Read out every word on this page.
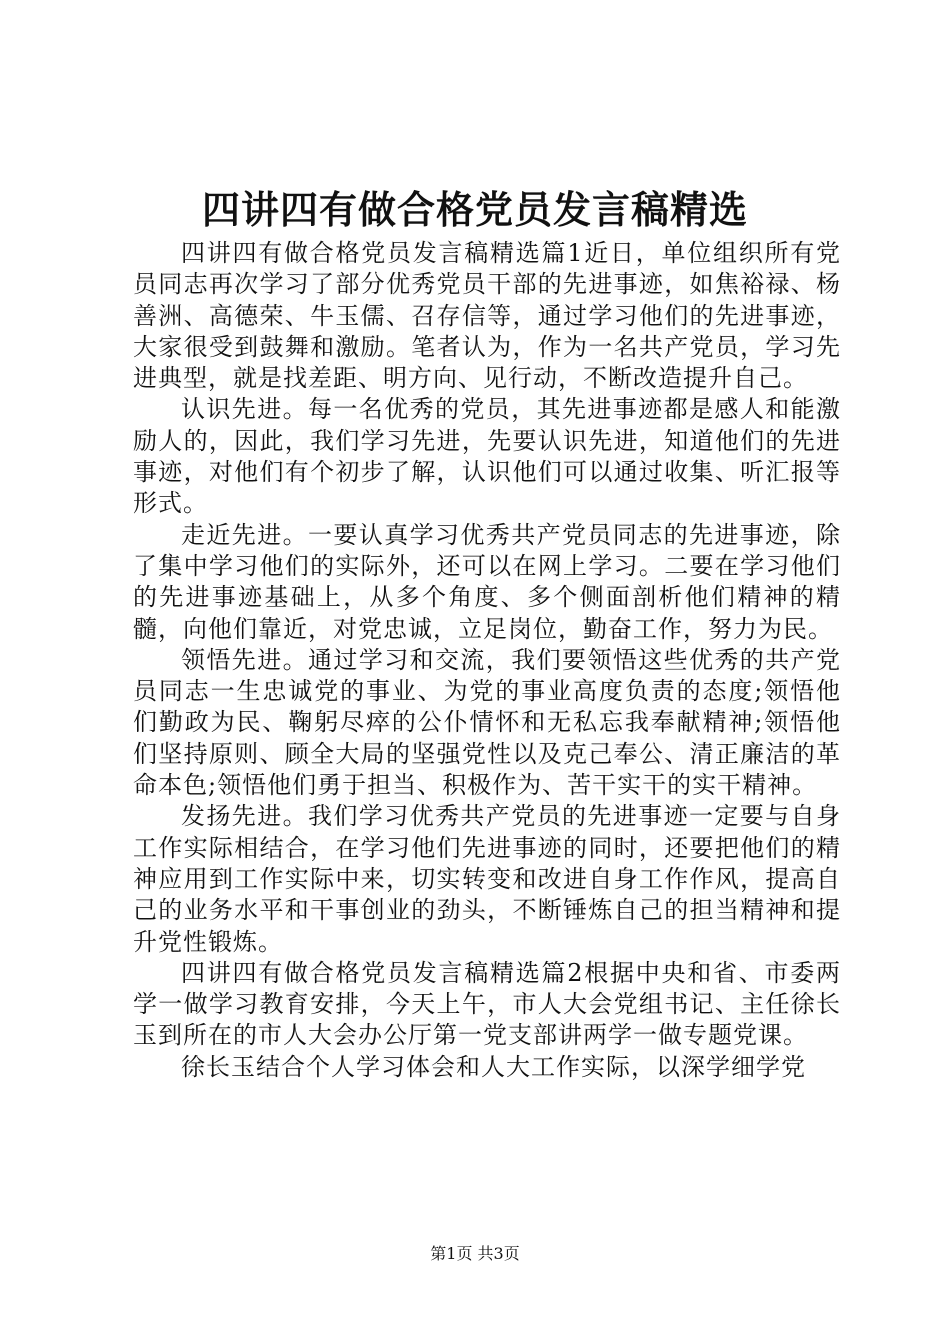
四讲四有做合格党员发言稿精选

四讲四有做合格党员发言稿精选篇1近日，单位组织所有党员同志再次学习了部分优秀党员干部的先进事迹，如焦裕禄、杨善洲、高德荣、牛玉儒、召存信等，通过学习他们的先进事迹，大家很受到鼓舞和激励。笔者认为，作为一名共产党员，学习先进典型，就是找差距、明方向、见行动，不断改造提升自己。

认识先进。每一名优秀的党员，其先进事迹都是感人和能激励人的，因此，我们学习先进，先要认识先进，知道他们的先进事迹，对他们有个初步了解，认识他们可以通过收集、听汇报等形式。

走近先进。一要认真学习优秀共产党员同志的先进事迹，除了集中学习他们的实际外，还可以在网上学习。二要在学习他们的先进事迹基础上，从多个角度、多个侧面剖析他们精神的精髓，向他们靠近，对党忠诚，立足岗位，勤奋工作，努力为民。

领悟先进。通过学习和交流，我们要领悟这些优秀的共产党员同志一生忠诚党的事业、为党的事业高度负责的态度;领悟他们勤政为民、鞠躬尽瘁的公仆情怀和无私忘我奉献精神;领悟他们坚持原则、顾全大局的坚强党性以及克己奉公、清正廉洁的革命本色;领悟他们勇于担当、积极作为、苦干实干的实干精神。

发扬先进。我们学习优秀共产党员的先进事迹一定要与自身工作实际相结合，在学习他们先进事迹的同时，还要把他们的精神应用到工作实际中来，切实转变和改进自身工作作风，提高自己的业务水平和干事创业的劲头，不断锤炼自己的担当精神和提升党性锻炼。

四讲四有做合格党员发言稿精选篇2根据中央和省、市委两学一做学习教育安排，今天上午，市人大会党组书记、主任徐长玉到所在的市人大会办公厅第一党支部讲两学一做专题党课。

徐长玉结合个人学习体会和人大工作实际，以深学细学党

第1页 共3页
